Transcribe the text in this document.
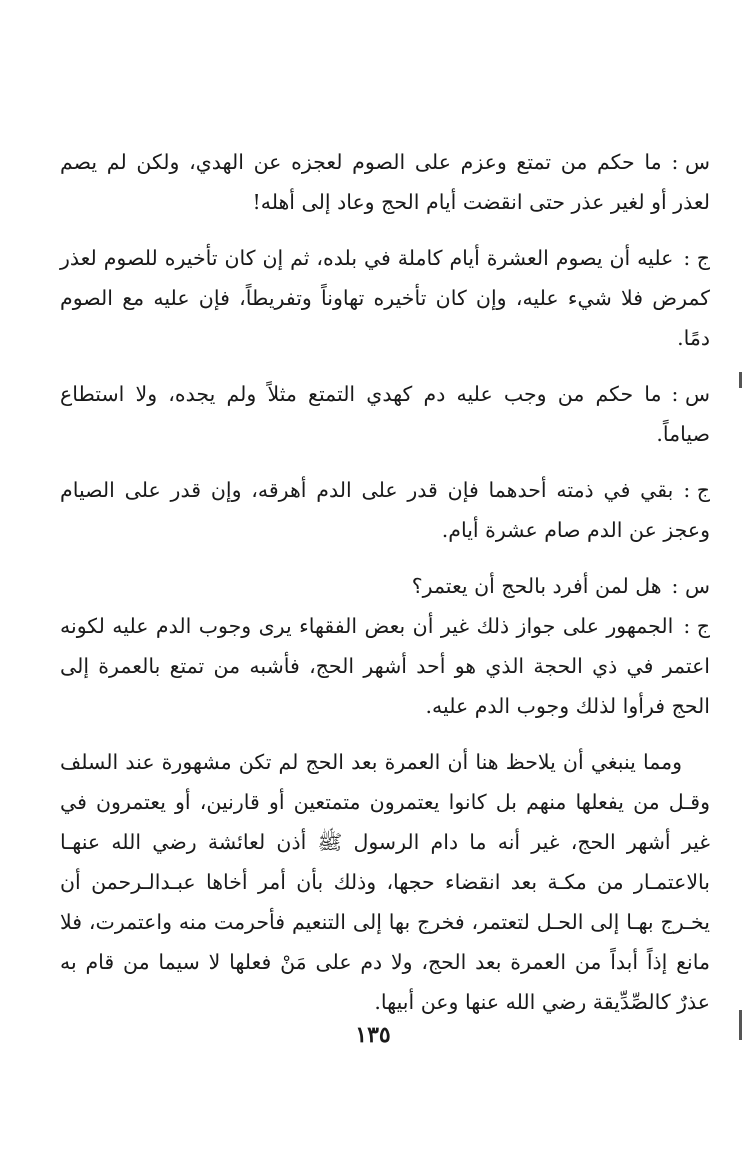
س :ما حكم من تمتع وعزم على الصوم لعجزه عن الهدي، ولكن لم يصم لعذر أو لغير عذر حتى انقضت أيام الحج وعاد إلى أهله!

ج :عليه أن يصوم العشرة أيام كاملة في بلده، ثم إن كان تأخيره للصوم لعذر كمرض فلا شيء عليه، وإن كان تأخيره تهاوناً وتفريطاً، فإن عليه مع الصوم دمًا.

س :ما حكم من وجب عليه دم كهدي التمتع مثلاً ولم يجده، ولا استطاع صياماً.

ج :بقي في ذمته أحدهما فإن قدر على الدم أهرقه، وإن قدر على الصيام وعجز عن الدم صام عشرة أيام.

س :هل لمن أفرد بالحج أن يعتمر؟

ج :الجمهور على جواز ذلك غير أن بعض الفقهاء يرى وجوب الدم عليه لكونه اعتمر في ذي الحجة الذي هو أحد أشهر الحج، فأشبه من تمتع بالعمرة إلى الحج فرأوا لذلك وجوب الدم عليه.

ومما ينبغي أن يلاحظ هنا أن العمرة بعد الحج لم تكن مشهورة عند السلف وقـل من يفعلها منهم بل كانوا يعتمرون متمتعين أو قارنين، أو يعتمرون في غير أشهر الحج، غير أنه ما دام الرسول ﷺ أذن لعائشة رضي الله عنهـا بالاعتمـار من مكـة بعد انقضاء حجها، وذلك بأن أمر أخاها عبـدالـرحمن أن يخـرج بهـا إلى الحـل لتعتمر، فخرج بها إلى التنعيم فأحرمت منه واعتمرت، فلا مانع إذاً أبداً من العمرة بعد الحج، ولا دم على مَنْ فعلها لا سيما من قام به عذرٌ كالصِّدِّيقة رضي الله عنها وعن أبيها.

١٣٥
